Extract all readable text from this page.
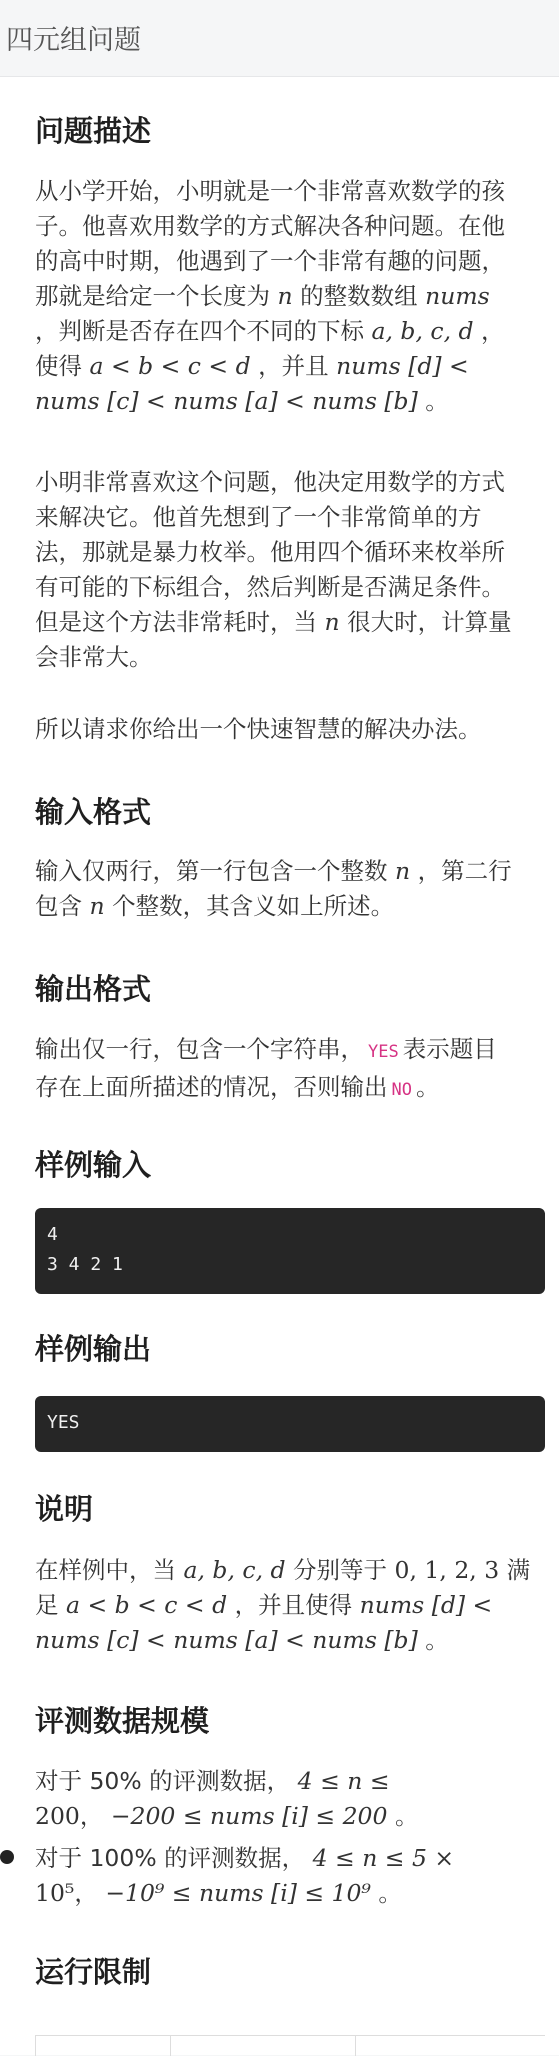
四元组问题
问题描述

从小学开始，小明就是一个非常喜欢数学的孩
子。他喜欢用数学的方式解决各种问题。在他
的高中时期，他遇到了一个非常有趣的问题，
那就是给定一个长度为 n 的整数数组 nums
，判断是否存在四个不同的下标 a, b, c, d ，
使得 a < b < c < d ，并且 nums [d] <
nums [c] < nums [a] < nums [b] 。

小明非常喜欢这个问题，他决定用数学的方式
来解决它。他首先想到了一个非常简单的方
法，那就是暴力枚举。他用四个循环来枚举所
有可能的下标组合，然后判断是否满足条件。
但是这个方法非常耗时，当 n 很大时，计算量
会非常大。

所以请求你给出一个快速智慧的解决办法。

输入格式

输入仅两行，第一行包含一个整数 n ，第二行
包含 n 个整数，其含义如上所述。

输出格式

输出仅一行，包含一个字符串， YES 表示题目
存在上面所描述的情况，否则输出 NO 。

样例输入
4
3 4 2 1
样例输出
YES
说明

在样例中，当 a, b, c, d 分别等于 0, 1, 2, 3 满
足 a < b < c < d ，并且使得 nums [d] <
nums [c] < nums [a] < nums [b] 。

评测数据规模

对于 50% 的评测数据， 4 ≤ n ≤
200， −200 ≤ nums [i] ≤ 200 。

对于 100% 的评测数据， 4 ≤ n ≤ 5 ×
10⁵， −10⁹ ≤ nums [i] ≤ 10⁹ 。

运行限制
